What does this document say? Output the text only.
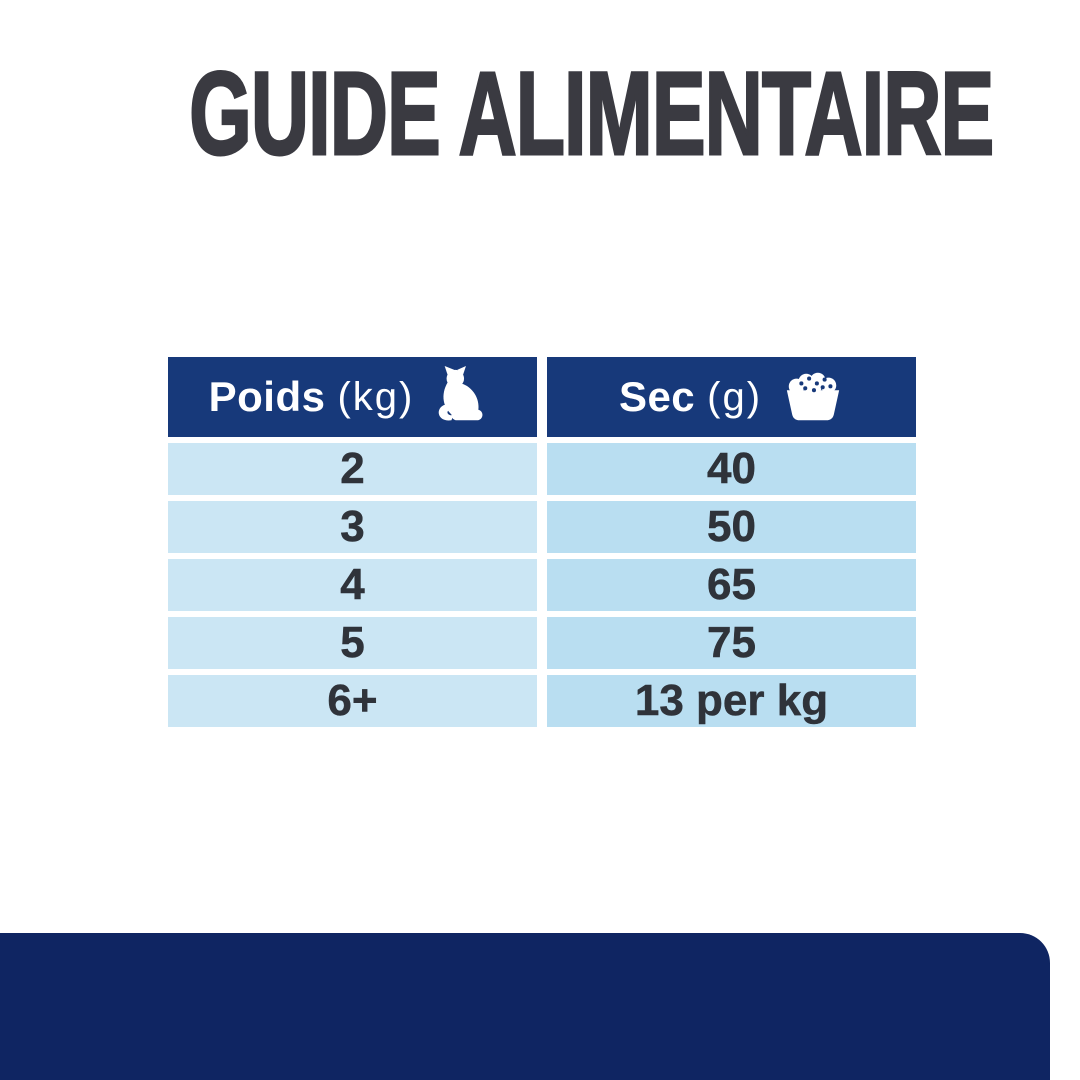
GUIDE ALIMENTAIRE
Poids (kg)	Sec (g)
2	40
3	50
4	65
5	75
6+	13 per kg
